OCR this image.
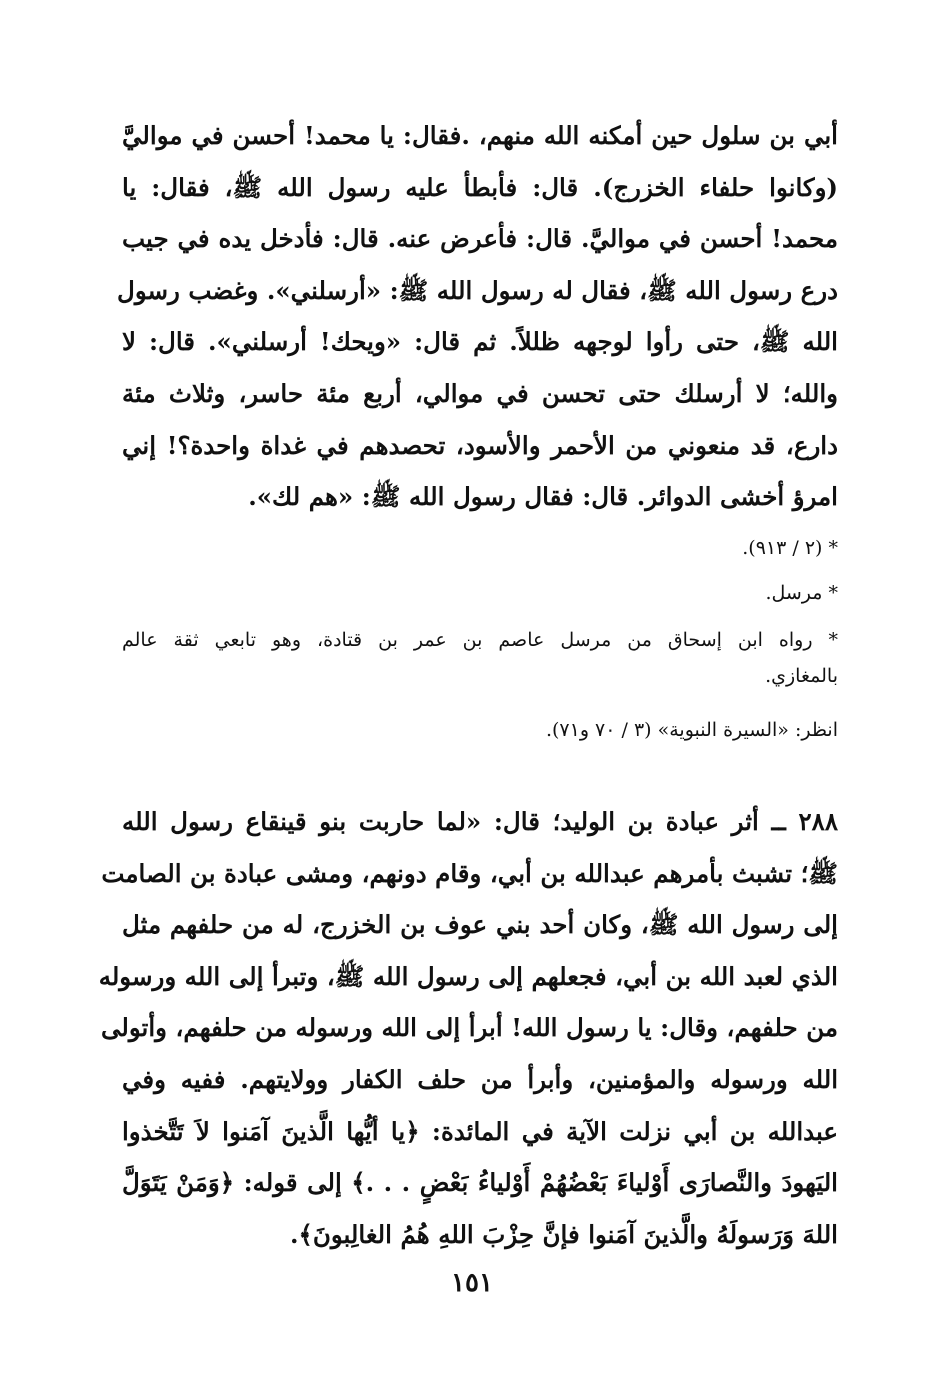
أبي بن سلول حين أمكنه الله منهم، .فقال: يا محمد! أحسن في مواليَّ
(وكانوا حلفاء الخزرج). قال: فأبطأ عليه رسول الله ﷺ، فقال: يا
محمد! أحسن في مواليَّ. قال: فأعرض عنه. قال: فأدخل يده في جيب
درع رسول الله ﷺ، فقال له رسول الله ﷺ: «أرسلني». وغضب رسول
الله ﷺ، حتى رأوا لوجهه ظللاً. ثم قال: «ويحك! أرسلني». قال: لا
والله؛ لا أرسلك حتى تحسن في موالي، أربع مئة حاسر، وثلاث مئة
دارع، قد منعوني من الأحمر والأسود، تحصدهم في غداة واحدة؟! إني
امرؤ أخشى الدوائر. قال: فقال رسول الله ﷺ: «هم لك».
* (٢ / ٩١٣).
* مرسل.
* رواه ابن إسحاق من مرسل عاصم بن عمر بن قتادة، وهو تابعي ثقة عالم
بالمغازي.
انظر: «السيرة النبوية» (٣ / ٧٠ و٧١).
٢٨٨ ــ أثر عبادة بن الوليد؛ قال: «لما حاربت بنو قينقاع رسول الله
ﷺ؛ تشبث بأمرهم عبدالله بن أبي، وقام دونهم، ومشى عبادة بن الصامت
إلى رسول الله ﷺ، وكان أحد بني عوف بن الخزرج، له من حلفهم مثل
الذي لعبد الله بن أبي، فجعلهم إلى رسول الله ﷺ، وتبرأ إلى الله ورسوله
من حلفهم، وقال: يا رسول الله! أبرأ إلى الله ورسوله من حلفهم، وأتولى
الله ورسوله والمؤمنين، وأبرأ من حلف الكفار وولايتهم. ففيه وفي
عبدالله بن أبي نزلت الآية في المائدة: ﴿يا أيُّها الَّذينَ آمَنوا لاَ تَتَّخذوا
اليَهودَ والنَّصارَى أَوْلياءَ بَعْضُهُمْ أَوْلياءُ بَعْضٍ . . .﴾ إلى قوله: ﴿وَمَنْ يَتَوَلَّ
اللهَ وَرَسولَهُ والَّذينَ آمَنوا فإنَّ حِزْبَ اللهِ هُمُ الغالِبونَ﴾.
١٥١
